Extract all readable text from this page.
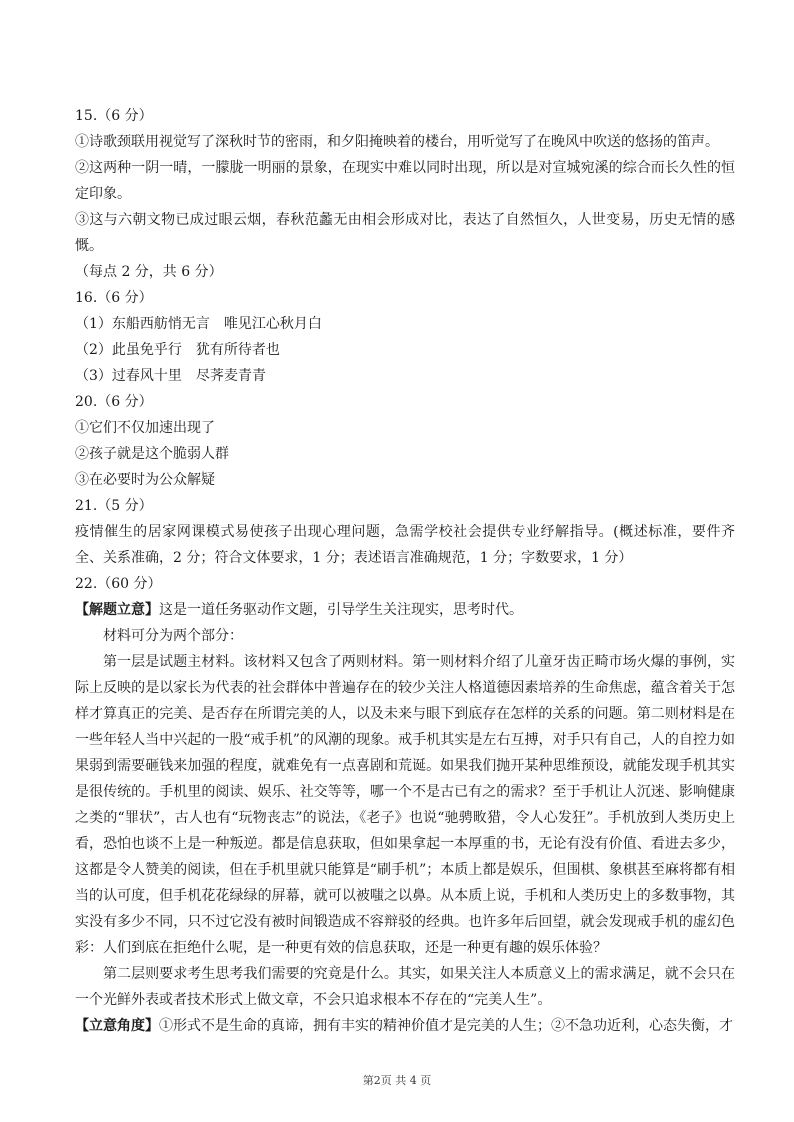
15.（6 分）
①诗歌颈联用视觉写了深秋时节的密雨，和夕阳掩映着的楼台，用听觉写了在晚风中吹送的悠扬的笛声。
②这两种一阴一晴，一朦胧一明丽的景象，在现实中难以同时出现，所以是对宣城宛溪的综合而长久性的恒定印象。
③这与六朝文物已成过眼云烟，春秋范蠡无由相会形成对比，表达了自然恒久，人世变易，历史无情的感慨。
（每点 2 分，共 6 分）
16.（6 分）
（1）东船西舫悄无言　唯见江心秋月白
（2）此虽免乎行　犹有所待者也
（3）过春风十里　尽荠麦青青
20.（6 分）
①它们不仅加速出现了
②孩子就是这个脆弱人群
③在必要时为公众解疑
21.（5 分）
疫情催生的居家网课模式易使孩子出现心理问题，急需学校社会提供专业纾解指导。(概述标准，要件齐全、关系准确，2 分；符合文体要求，1 分；表述语言准确规范，1 分；字数要求，1 分）
22.（60 分）
【解题立意】这是一道任务驱动作文题，引导学生关注现实，思考时代。
材料可分为两个部分：
第一层是试题主材料。该材料又包含了两则材料。第一则材料介绍了儿童牙齿正畸市场火爆的事例，实际上反映的是以家长为代表的社会群体中普遍存在的较少关注人格道德因素培养的生命焦虑，蕴含着关于怎样才算真正的完美、是否存在所谓完美的人，以及未来与眼下到底存在怎样的关系的问题。第二则材料是在一些年轻人当中兴起的一股“戒手机”的风潮的现象。戒手机其实是左右互搏，对手只有自己，人的自控力如果弱到需要砸钱来加强的程度，就难免有一点喜剧和荒诞。如果我们抛开某种思维预设，就能发现手机其实是很传统的。手机里的阅读、娱乐、社交等等，哪一个不是古已有之的需求？至于手机让人沉迷、影响健康之类的“罪状”，古人也有“玩物丧志”的说法，《老子》也说“驰骋畋猎，令人心发狂”。手机放到人类历史上看，恐怕也谈不上是一种叛逆。都是信息获取，但如果拿起一本厚重的书，无论有没有价值、看进去多少，这都是令人赞美的阅读，但在手机里就只能算是“刷手机”；本质上都是娱乐，但围棋、象棋甚至麻将都有相当的认可度，但手机花花绿绿的屏幕，就可以被嗤之以鼻。从本质上说，手机和人类历史上的多数事物，其实没有多少不同，只不过它没有被时间锻造成不容辩驳的经典。也许多年后回望，就会发现戒手机的虚幻色彩：人们到底在拒绝什么呢，是一种更有效的信息获取，还是一种更有趣的娱乐体验？
第二层则要求考生思考我们需要的究竟是什么。其实，如果关注人本质意义上的需求满足，就不会只在一个光鲜外表或者技术形式上做文章，不会只追求根本不存在的“完美人生”。
【立意角度】①形式不是生命的真谛，拥有丰实的精神价值才是完美的人生；②不急功近利，心态失衡，才
第2页 共 4 页
